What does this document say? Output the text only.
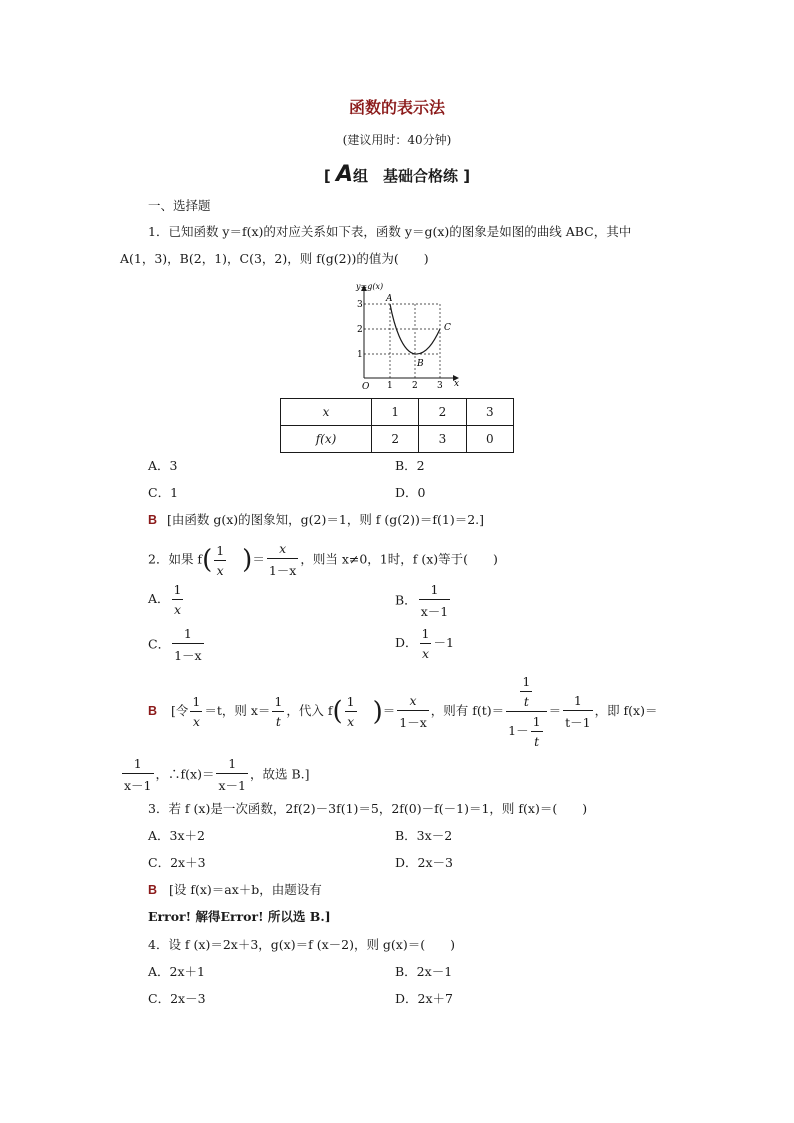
函数的表示法
(建议用时：40分钟)
[ A组　基础合格练 ]
一、选择题
1．已知函数 y＝f(x)的对应关系如下表，函数 y＝g(x)的图象是如图的曲线 ABC，其中
A(1，3)，B(2，1)，C(3，2)，则 f(g(2))的值为(　　)
y=g(x)
x
O 1 2 3
1
2
3
A
B
C
x	1	2	3
f(x)	2	3	0
A．3	B．2
C．1	D．0
B [由函数 g(x)的图象知，g(2)＝1，则 f (g(2))＝f(1)＝2.]
2．如果 $f( \frac{1}{x}$ )＝ $\frac{x}{1-x}$ ，则当 x≠0，1时，f (x)等于(　　)
A． $\frac{1}{x}$	B． $\frac{1}{x-1}$
C． $\frac{1}{1-x}$	D． $\frac{1}{x} -1$
B [令 $\frac{1}{x} =t$，则 $x= \frac{1}{t}$ ，代入 $f( \frac{1}{x}$ )＝ $\frac{x}{1-x}$ ，则有 $f(t)= \frac{\frac{1}{t}}{1- \frac{1}{t}} = \frac{1}{t-1}$ ，即 f(x)＝
$\frac{1}{x-1}$ ，∴f(x)＝ $\frac{1}{x-1}$ ，故选 B.]
3．若 f (x)是一次函数，2f(2)－3f(1)＝5，2f(0)－f(－1)＝1，则 f(x)＝(　　)
A．3x＋2	B．3x－2
C．2x＋3	D．2x－3
B [设 f(x)＝ax＋b，由题设有
Error! 解得Error! 所以选 B.]
4．设 f (x)＝2x＋3，g(x)＝f (x－2)，则 g(x)＝(　　)
A．2x＋1	B．2x－1
C．2x－3	D．2x＋7
